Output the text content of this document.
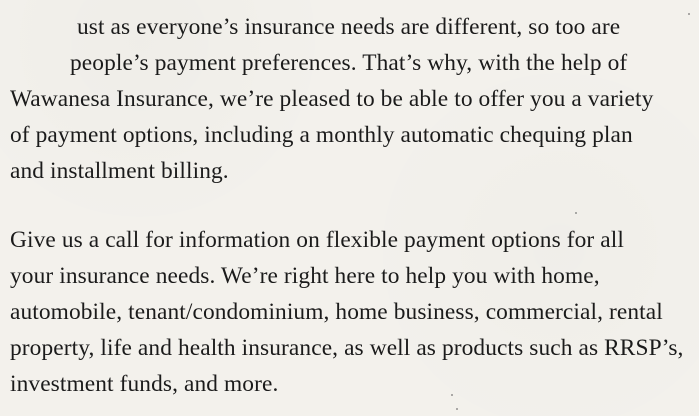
ust as everyone’s insurance needs are different, so too are
people’s payment preferences. That’s why, with the help of
Wawanesa Insurance, we’re pleased to be able to offer you a variety
of payment options, including a monthly automatic chequing plan
and installment billing.
Give us a call for information on flexible payment options for all
your insurance needs. We’re right here to help you with home,
automobile, tenant/condominium, home business, commercial, rental
property, life and health insurance, as well as products such as RRSP’s,
investment funds, and more.
